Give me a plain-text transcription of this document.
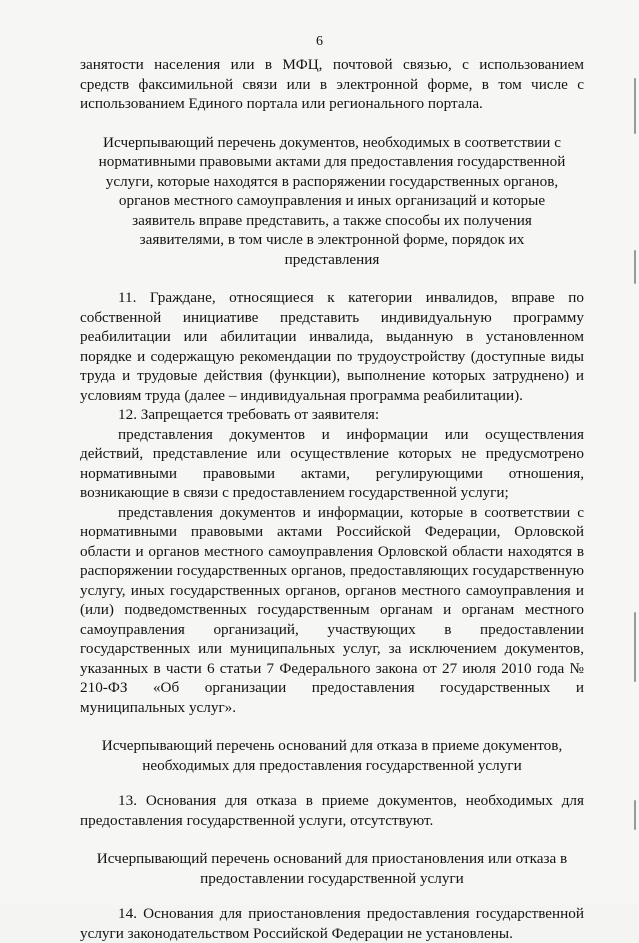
6

занятости населения или в МФЦ, почтовой связью, с использованием средств факсимильной связи или в электронной форме, в том числе с использованием Единого портала или регионального портала.

Исчерпывающий перечень документов, необходимых в соответствии с нормативными правовыми актами для предоставления государственной услуги, которые находятся в распоряжении государственных органов, органов местного самоуправления и иных организаций и которые заявитель вправе представить, а также способы их получения заявителями, в том числе в электронной форме, порядок их представления

11. Граждане, относящиеся к категории инвалидов, вправе по собственной инициативе представить индивидуальную программу реабилитации или абилитации инвалида, выданную в установленном порядке и содержащую рекомендации по трудоустройству (доступные виды труда и трудовые действия (функции), выполнение которых затруднено) и условиям труда (далее – индивидуальная программа реабилитации).

12. Запрещается требовать от заявителя:

представления документов и информации или осуществления действий, представление или осуществление которых не предусмотрено нормативными правовыми актами, регулирующими отношения, возникающие в связи с предоставлением государственной услуги;

представления документов и информации, которые в соответствии с нормативными правовыми актами Российской Федерации, Орловской области и органов местного самоуправления Орловской области находятся в распоряжении государственных органов, предоставляющих государственную услугу, иных государственных органов, органов местного самоуправления и (или) подведомственных государственным органам и органам местного самоуправления организаций, участвующих в предоставлении государственных или муниципальных услуг, за исключением документов, указанных в части 6 статьи 7 Федерального закона от 27 июля 2010 года № 210-ФЗ «Об организации предоставления государственных и муниципальных услуг».

Исчерпывающий перечень оснований для отказа в приеме документов, необходимых для предоставления государственной услуги

13. Основания для отказа в приеме документов, необходимых для предоставления государственной услуги, отсутствуют.

Исчерпывающий перечень оснований для приостановления или отказа в предоставлении государственной услуги

14. Основания для приостановления предоставления государственной услуги законодательством Российской Федерации не установлены.
